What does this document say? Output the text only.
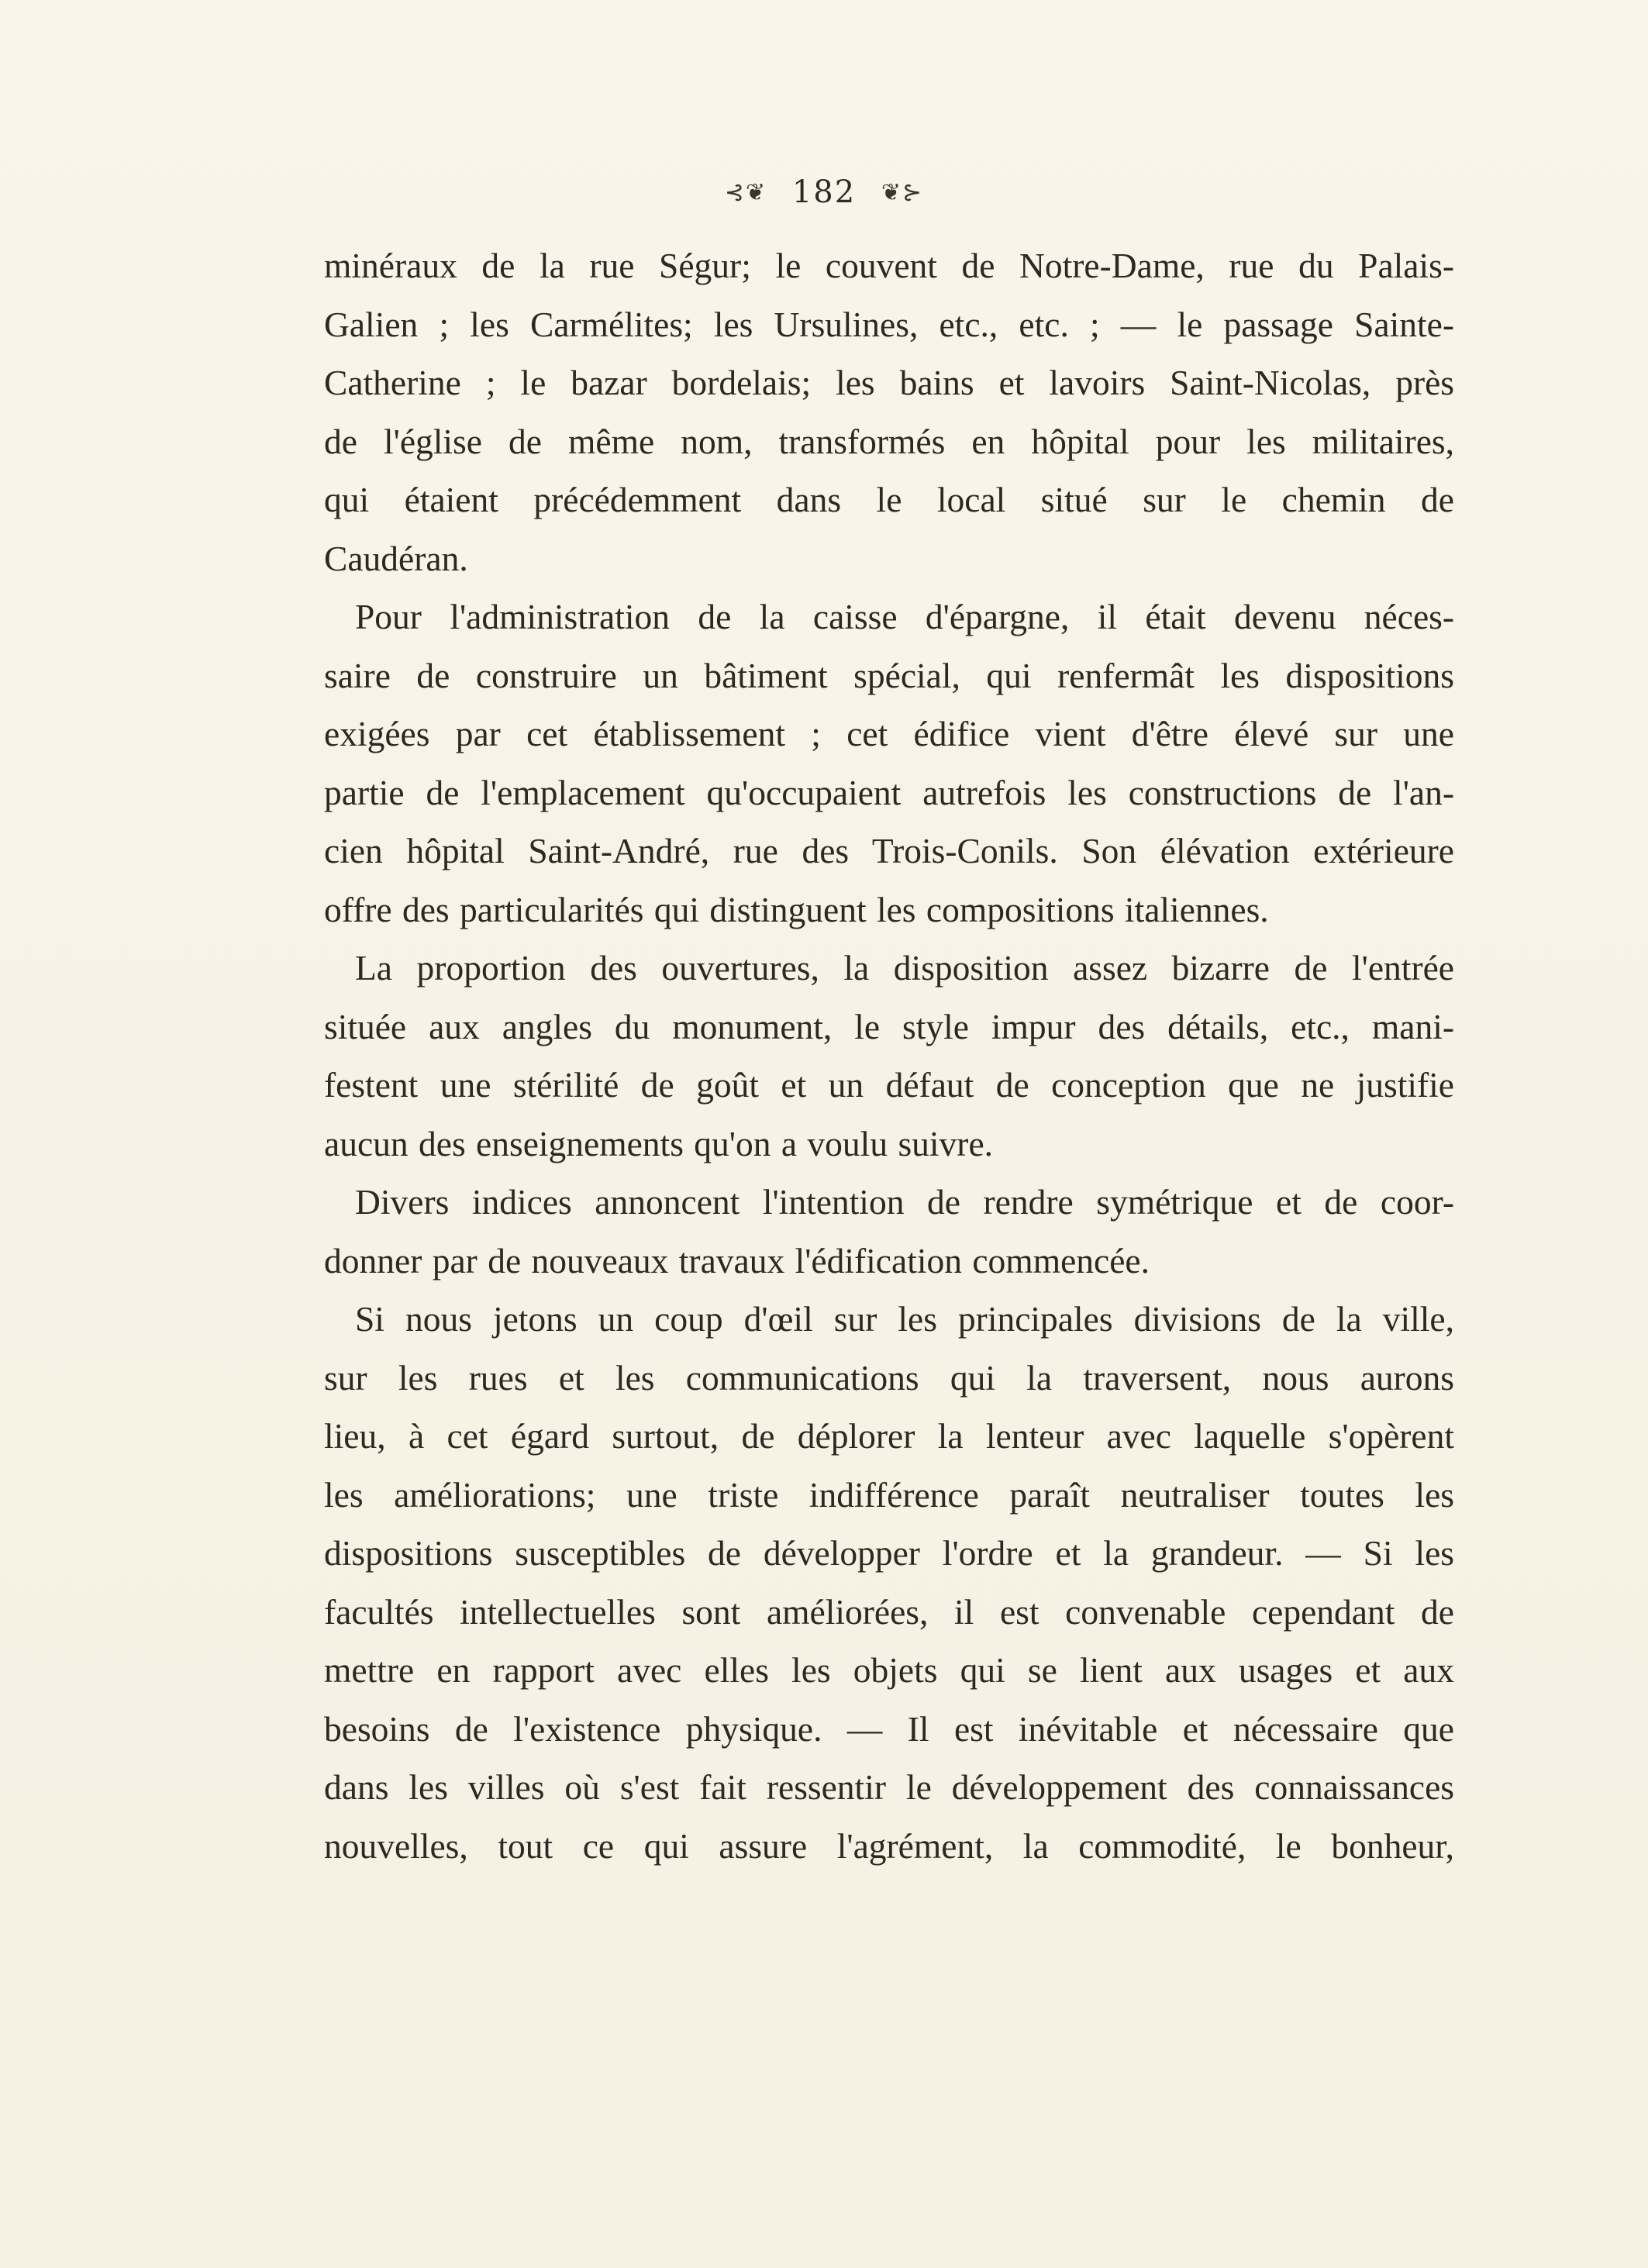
⊰❦ 182 ❦⊱
minéraux de la rue Ségur; le couvent de Notre-Dame, rue du Palais-
Galien ; les Carmélites; les Ursulines, etc., etc. ; — le passage Sainte-
Catherine ; le bazar bordelais; les bains et lavoirs Saint-Nicolas, près
de l'église de même nom, transformés en hôpital pour les militaires,
qui étaient précédemment dans le local situé sur le chemin de
Caudéran.
Pour l'administration de la caisse d'épargne, il était devenu néces-
saire de construire un bâtiment spécial, qui renfermât les dispositions
exigées par cet établissement ; cet édifice vient d'être élevé sur une
partie de l'emplacement qu'occupaient autrefois les constructions de l'an-
cien hôpital Saint-André, rue des Trois-Conils. Son élévation extérieure
offre des particularités qui distinguent les compositions italiennes.
La proportion des ouvertures, la disposition assez bizarre de l'entrée
située aux angles du monument, le style impur des détails, etc., mani-
festent une stérilité de goût et un défaut de conception que ne justifie
aucun des enseignements qu'on a voulu suivre.
Divers indices annoncent l'intention de rendre symétrique et de coor-
donner par de nouveaux travaux l'édification commencée.
Si nous jetons un coup d'œil sur les principales divisions de la ville,
sur les rues et les communications qui la traversent, nous aurons
lieu, à cet égard surtout, de déplorer la lenteur avec laquelle s'opèrent
les améliorations; une triste indifférence paraît neutraliser toutes les
dispositions susceptibles de développer l'ordre et la grandeur. — Si les
facultés intellectuelles sont améliorées, il est convenable cependant de
mettre en rapport avec elles les objets qui se lient aux usages et aux
besoins de l'existence physique. — Il est inévitable et nécessaire que
dans les villes où s'est fait ressentir le développement des connaissances
nouvelles, tout ce qui assure l'agrément, la commodité, le bonheur,
